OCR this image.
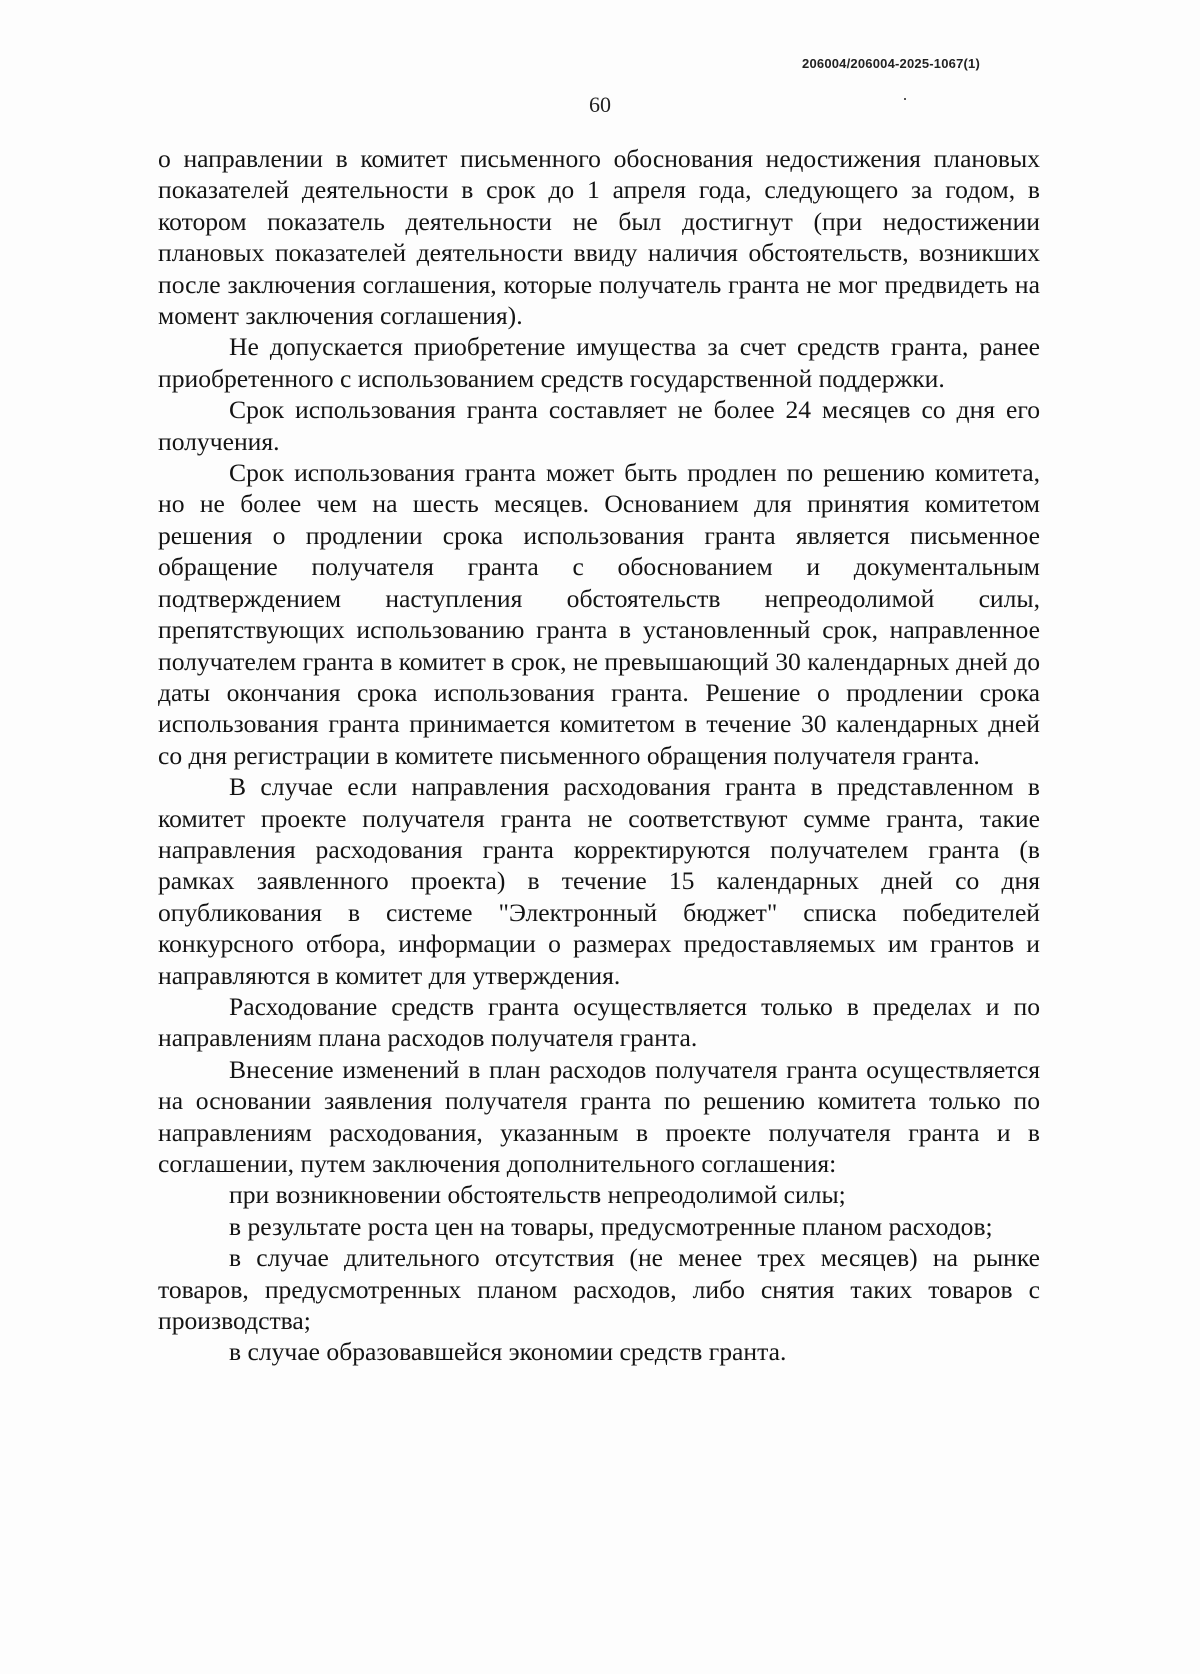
206004/206004-2025-1067(1)
60

о направлении в комитет письменного обоснования недостижения плановых показателей деятельности в срок до 1 апреля года, следующего за годом, в котором показатель деятельности не был достигнут (при недостижении плановых показателей деятельности ввиду наличия обстоятельств, возникших после заключения соглашения, которые получатель гранта не мог предвидеть на момент заключения соглашения).

Не допускается приобретение имущества за счет средств гранта, ранее приобретенного с использованием средств государственной поддержки.

Срок использования гранта составляет не более 24 месяцев со дня его получения.

Срок использования гранта может быть продлен по решению комитета, но не более чем на шесть месяцев. Основанием для принятия комитетом решения о продлении срока использования гранта является письменное обращение получателя гранта с обоснованием и документальным подтверждением наступления обстоятельств непреодолимой силы, препятствующих использованию гранта в установленный срок, направленное получателем гранта в комитет в срок, не превышающий 30 календарных дней до даты окончания срока использования гранта. Решение о продлении срока использования гранта принимается комитетом в течение 30 календарных дней со дня регистрации в комитете письменного обращения получателя гранта.

В случае если направления расходования гранта в представленном в комитет проекте получателя гранта не соответствуют сумме гранта, такие направления расходования гранта корректируются получателем гранта (в рамках заявленного проекта) в течение 15 календарных дней со дня опубликования в системе "Электронный бюджет" списка победителей конкурсного отбора, информации о размерах предоставляемых им грантов и направляются в комитет для утверждения.

Расходование средств гранта осуществляется только в пределах и по направлениям плана расходов получателя гранта.

Внесение изменений в план расходов получателя гранта осуществляется на основании заявления получателя гранта по решению комитета только по направлениям расходования, указанным в проекте получателя гранта и в соглашении, путем заключения дополнительного соглашения:

при возникновении обстоятельств непреодолимой силы;

в результате роста цен на товары, предусмотренные планом расходов;

в случае длительного отсутствия (не менее трех месяцев) на рынке товаров, предусмотренных планом расходов, либо снятия таких товаров с производства;

в случае образовавшейся экономии средств гранта.
